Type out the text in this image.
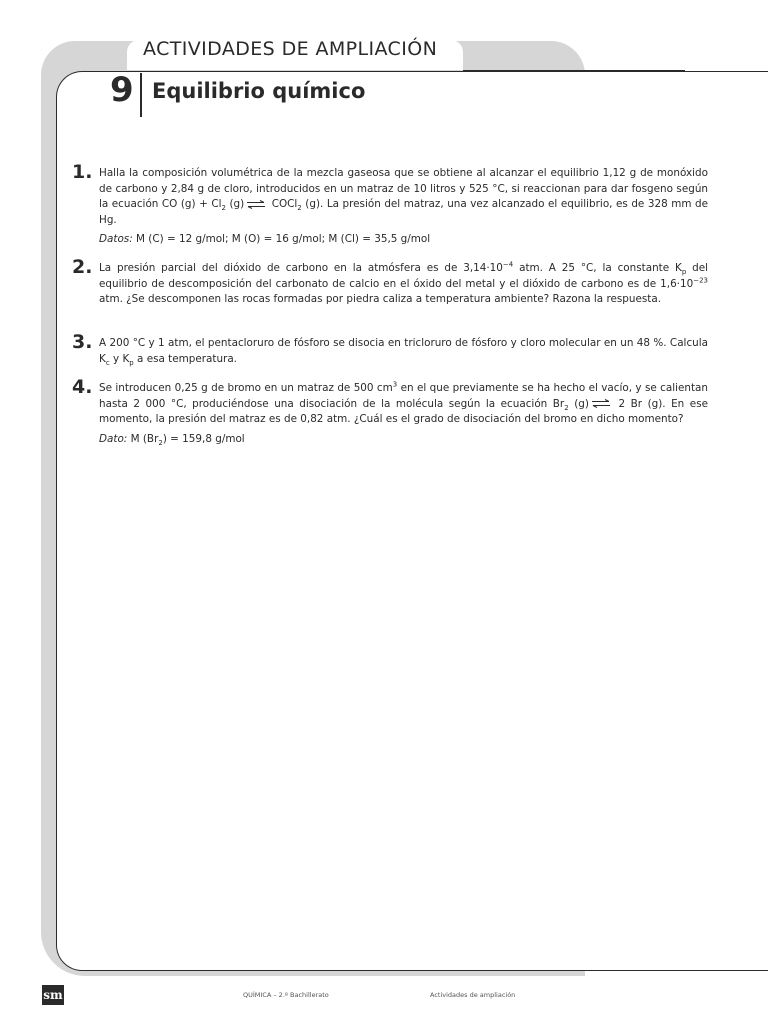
ACTIVIDADES DE AMPLIACIÓN
9 Equilibrio químico
1. Halla la composición volumétrica de la mezcla gaseosa que se obtiene al alcanzar el equilibrio 1,12 g de monóxido de carbono y 2,84 g de cloro, introducidos en un matraz de 10 litros y 525 °C, si reaccionan para dar fosgeno según la ecuación CO $(g) + Cl_2$ (g) ⇌ COCl$_2$ (g). La presión del matraz, una vez alcanzado el equilibrio, es de 328 mm de Hg.

Datos: M (C) = 12 g/mol; M (O) = 16 g/mol; M (Cl) = 35,5 g/mol

2. La presión parcial del dióxido de carbono en la atmósfera es de $3,14\cdot 10^{-4}$ atm. A 25 °C, la constante $K_p$ del equilibrio de descomposición del carbonato de calcio en el óxido del metal y el dióxido de carbono es de $1,6\cdot 10^{-23}$ atm. ¿Se descomponen las rocas formadas por piedra caliza a temperatura ambiente? Razona la respuesta.

3. A 200 °C y 1 atm, el pentacloruro de fósforo se disocia en tricloruro de fósforo y cloro molecular en un 48 %. Calcula $K_c$ y $K_p$ a esa temperatura.

4. Se introducen 0,25 g de bromo en un matraz de 500 $cm^3$ en el que previamente se ha hecho el vacío, y se calientan hasta 2 000 °C, produciéndose una disociación de la molécula según la ecuación $Br_2$ (g) ⇌ 2 Br (g). En ese momento, la presión del matraz es de 0,82 atm. ¿Cuál es el grado de disociación del bromo en dicho momento?

Dato: M $(Br_2) = 159,8$ g/mol

sm	QUÍMICA – 2.º Bachillerato	Actividades de ampliación
